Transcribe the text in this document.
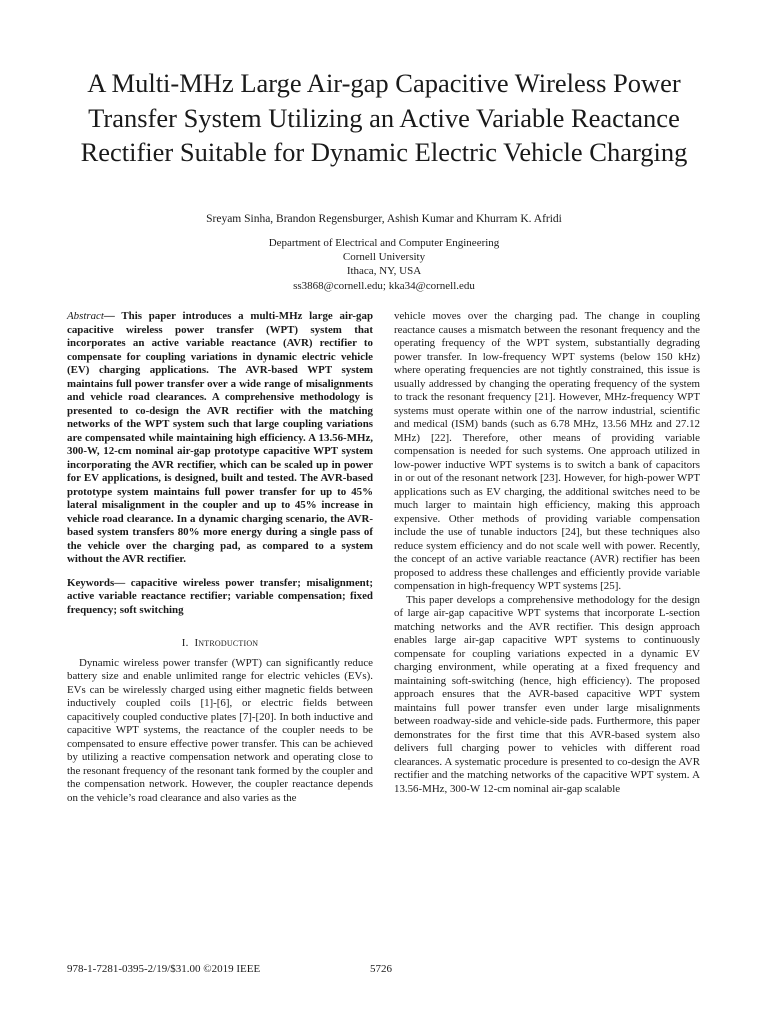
A Multi-MHz Large Air-gap Capacitive Wireless Power Transfer System Utilizing an Active Variable Reactance Rectifier Suitable for Dynamic Electric Vehicle Charging
Sreyam Sinha, Brandon Regensburger, Ashish Kumar and Khurram K. Afridi
Department of Electrical and Computer Engineering
Cornell University
Ithaca, NY, USA
ss3868@cornell.edu; kka34@cornell.edu

Abstract— This paper introduces a multi-MHz large air-gap capacitive wireless power transfer (WPT) system that incorporates an active variable reactance (AVR) rectifier to compensate for coupling variations in dynamic electric vehicle (EV) charging applications. The AVR-based WPT system maintains full power transfer over a wide range of misalignments and vehicle road clearances. A comprehensive methodology is presented to co-design the AVR rectifier with the matching networks of the WPT system such that large coupling variations are compensated while maintaining high efficiency. A 13.56-MHz, 300-W, 12-cm nominal air-gap prototype capacitive WPT system incorporating the AVR rectifier, which can be scaled up in power for EV applications, is designed, built and tested. The AVR-based prototype system maintains full power transfer for up to 45% lateral misalignment in the coupler and up to 45% increase in vehicle road clearance. In a dynamic charging scenario, the AVR-based system transfers 80% more energy during a single pass of the vehicle over the charging pad, as compared to a system without the AVR rectifier.

Keywords— capacitive wireless power transfer; misalignment; active variable reactance rectifier; variable compensation; fixed frequency; soft switching

I. Introduction

Dynamic wireless power transfer (WPT) can significantly reduce battery size and enable unlimited range for electric vehicles (EVs). EVs can be wirelessly charged using either magnetic fields between inductively coupled coils [1]-[6], or electric fields between capacitively coupled conductive plates [7]-[20]. In both inductive and capacitive WPT systems, the reactance of the coupler needs to be compensated to ensure effective power transfer. This can be achieved by utilizing a reactive compensation network and operating close to the resonant frequency of the resonant tank formed by the coupler and the compensation network. However, the coupler reactance depends on the vehicle’s road clearance and also varies as the

vehicle moves over the charging pad. The change in coupling reactance causes a mismatch between the resonant frequency and the operating frequency of the WPT system, substantially degrading power transfer. In low-frequency WPT systems (below 150 kHz) where operating frequencies are not tightly constrained, this issue is usually addressed by changing the operating frequency of the system to track the resonant frequency [21]. However, MHz-frequency WPT systems must operate within one of the narrow industrial, scientific and medical (ISM) bands (such as 6.78 MHz, 13.56 MHz and 27.12 MHz) [22]. Therefore, other means of providing variable compensation is needed for such systems. One approach utilized in low-power inductive WPT systems is to switch a bank of capacitors in or out of the resonant network [23]. However, for high-power WPT applications such as EV charging, the additional switches need to be much larger to maintain high efficiency, making this approach expensive. Other methods of providing variable compensation include the use of tunable inductors [24], but these techniques also reduce system efficiency and do not scale well with power. Recently, the concept of an active variable reactance (AVR) rectifier has been proposed to address these challenges and efficiently provide variable compensation in high-frequency WPT systems [25].

This paper develops a comprehensive methodology for the design of large air-gap capacitive WPT systems that incorporate L-section matching networks and the AVR rectifier. This design approach enables large air-gap capacitive WPT systems to continuously compensate for coupling variations expected in a dynamic EV charging environment, while operating at a fixed frequency and maintaining soft-switching (hence, high efficiency). The proposed approach ensures that the AVR-based capacitive WPT system maintains full power transfer even under large misalignments between roadway-side and vehicle-side pads. Furthermore, this paper demonstrates for the first time that this AVR-based system also delivers full charging power to vehicles with different road clearances. A systematic procedure is presented to co-design the AVR rectifier and the matching networks of the capacitive WPT system. A 13.56-MHz, 300-W 12-cm nominal air-gap scalable

978-1-7281-0395-2/19/$31.00 ©2019 IEEE	5726
